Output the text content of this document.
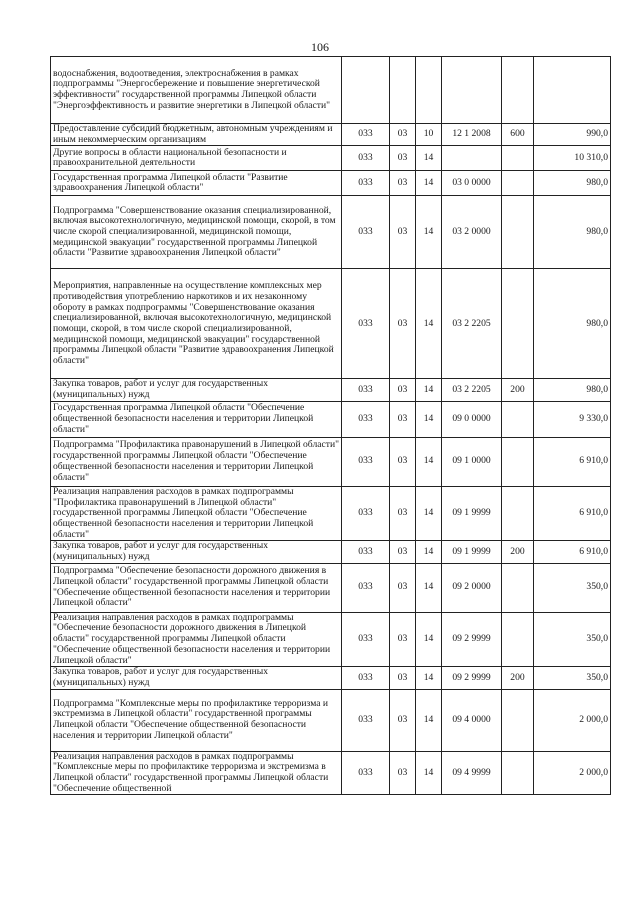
106
водоснабжения, водоотведения, электроснабжения в рамках подпрограммы "Энергосбережение и повышение энергетической эффективности" государственной программы Липецкой области "Энергоэффективность и развитие энергетики в Липецкой области"						
Предоставление субсидий бюджетным, автономным учреждениям и иным некоммерческим организациям	033	03	10	12 1 2008	600	990,0
Другие вопросы в области национальной безопасности и правоохранительной деятельности	033	03	14			10 310,0
Государственная программа Липецкой области "Развитие здравоохранения Липецкой области"	033	03	14	03 0 0000		980,0
Подпрограмма "Совершенствование оказания специализированной, включая высокотехнологичную, медицинской помощи, скорой, в том числе скорой специализированной, медицинской помощи, медицинской эвакуации" государственной программы Липецкой области "Развитие здравоохранения Липецкой области"	033	03	14	03 2 0000		980,0
Мероприятия, направленные на осуществление комплексных мер противодействия употреблению наркотиков и их незаконному обороту в рамках подпрограммы "Совершенствование оказания специализированной, включая высокотехнологичную, медицинской помощи, скорой, в том числе скорой специализированной, медицинской помощи, медицинской эвакуации" государственной программы Липецкой области "Развитие здравоохранения Липецкой области"	033	03	14	03 2 2205		980,0
Закупка товаров, работ и услуг для государственных (муниципальных) нужд	033	03	14	03 2 2205	200	980,0
Государственная программа Липецкой области "Обеспечение общественной безопасности населения и территории Липецкой области"	033	03	14	09 0 0000		9 330,0
Подпрограмма "Профилактика правонарушений в Липецкой области" государственной программы Липецкой области "Обеспечение общественной безопасности населения и территории Липецкой области"	033	03	14	09 1 0000		6 910,0
Реализация направления расходов в рамках подпрограммы "Профилактика правонарушений в Липецкой области" государственной программы Липецкой области "Обеспечение общественной безопасности населения и территории Липецкой области"	033	03	14	09 1 9999		6 910,0
Закупка товаров, работ и услуг для государственных (муниципальных) нужд	033	03	14	09 1 9999	200	6 910,0
Подпрограмма "Обеспечение безопасности дорожного движения в Липецкой области" государственной программы Липецкой области "Обеспечение общественной безопасности населения и территории Липецкой области"	033	03	14	09 2 0000		350,0
Реализация направления расходов в рамках подпрограммы "Обеспечение безопасности дорожного движения в Липецкой области" государственной программы Липецкой области "Обеспечение общественной безопасности населения и территории Липецкой области"	033	03	14	09 2 9999		350,0
Закупка товаров, работ и услуг для государственных (муниципальных) нужд	033	03	14	09 2 9999	200	350,0
Подпрограмма "Комплексные меры по профилактике терроризма и экстремизма в Липецкой области" государственной программы Липецкой области "Обеспечение общественной безопасности населения и территории Липецкой области"	033	03	14	09 4 0000		2 000,0
Реализация направления расходов в рамках подпрограммы "Комплексные меры по профилактике терроризма и экстремизма в Липецкой области" государственной программы Липецкой области "Обеспечение общественной	033	03	14	09 4 9999		2 000,0
